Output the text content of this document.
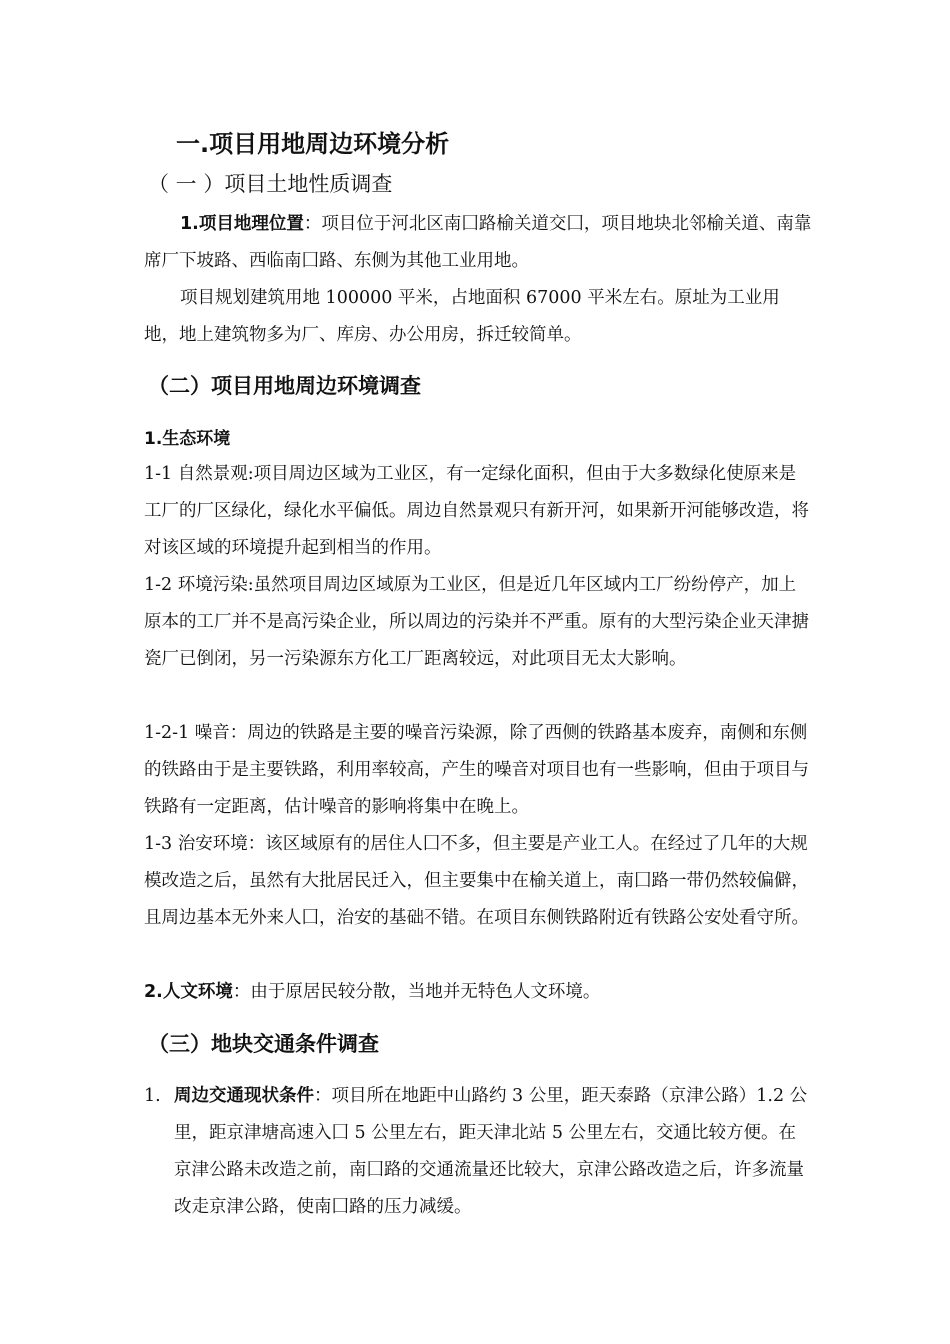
一.项目用地周边环境分析
（ 一 ）项目土地性质调查

1.项目地理位置：项目位于河北区南囗路榆关道交囗，项目地块北邻榆关道、南靠席厂下坡路、西临南囗路、东侧为其他工业用地。

项目规划建筑用地 100000 平米，占地面积 67000 平米左右。原址为工业用地，地上建筑物多为厂、库房、办公用房，拆迁较简单。

（二）项目用地周边环境调查
1.生态环境

1-1 自然景观:项目周边区域为工业区，有一定绿化面积，但由于大多数绿化使原来是工厂的厂区绿化，绿化水平偏低。周边自然景观只有新开河，如果新开河能够改造，将对该区域的环境提升起到相当的作用。

1-2 环境污染:虽然项目周边区域原为工业区，但是近几年区域内工厂纷纷停产，加上原本的工厂并不是高污染企业，所以周边的污染并不严重。原有的大型污染企业天津搪瓷厂已倒闭，另一污染源东方化工厂距离较远，对此项目无太大影响。

1-2-1 噪音：周边的铁路是主要的噪音污染源，除了西侧的铁路基本废弃，南侧和东侧的铁路由于是主要铁路，利用率较高，产生的噪音对项目也有一些影响，但由于项目与铁路有一定距离，估计噪音的影响将集中在晚上。

1-3 治安环境：该区域原有的居住人囗不多，但主要是产业工人。在经过了几年的大规模改造之后，虽然有大批居民迁入，但主要集中在榆关道上，南囗路一带仍然较偏僻，且周边基本无外来人囗，治安的基础不错。在项目东侧铁路附近有铁路公安处看守所。

2.人文环境：由于原居民较分散，当地并无特色人文环境。

（三）地块交通条件调查
1. 周边交通现状条件：项目所在地距中山路约 3 公里，距天泰路（京津公路）1.2 公里，距京津塘高速入囗 5 公里左右，距天津北站 5 公里左右，交通比较方便。在京津公路未改造之前，南囗路的交通流量还比较大，京津公路改造之后，许多流量改走京津公路，使南囗路的压力减缓。
